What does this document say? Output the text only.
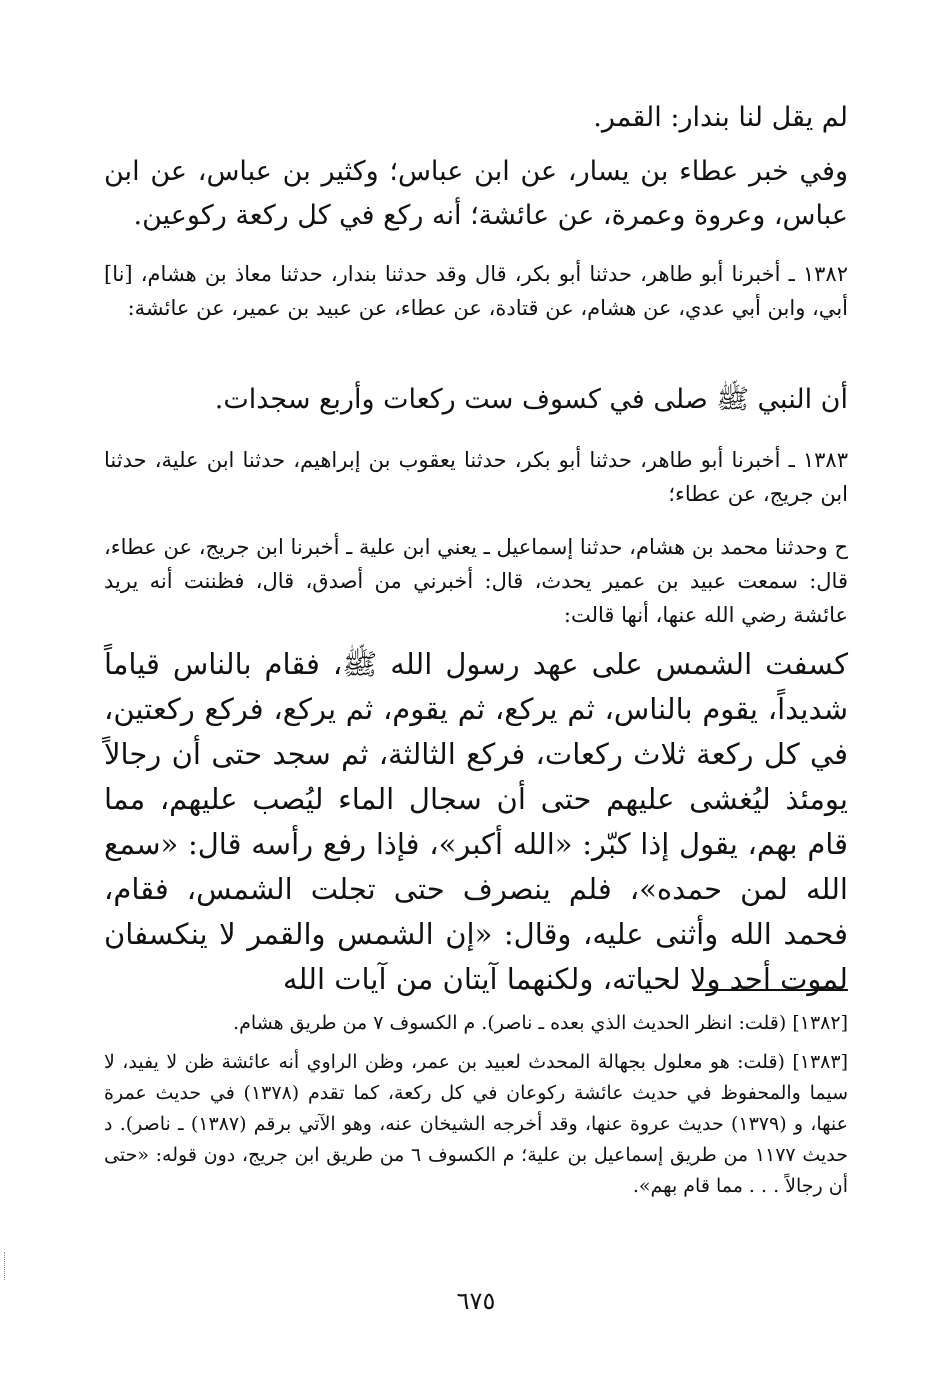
لم يقل لنا بندار: القمر.

وفي خبر عطاء بن يسار، عن ابن عباس؛ وكثير بن عباس، عن ابن عباس، وعروة وعمرة، عن عائشة؛ أنه ركع في كل ركعة ركوعين.

١٣٨٢ ـ أخبرنا أبو طاهر، حدثنا أبو بكر، قال وقد حدثنا بندار، حدثنا معاذ بن هشام، [نا] أبي، وابن أبي عدي، عن هشام، عن قتادة، عن عطاء، عن عبيد بن عمير، عن عائشة:

أن النبي ﷺ صلى في كسوف ست ركعات وأربع سجدات.

١٣٨٣ ـ أخبرنا أبو طاهر، حدثنا أبو بكر، حدثنا يعقوب بن إبراهيم، حدثنا ابن علية، حدثنا ابن جريج، عن عطاء؛

ح وحدثنا محمد بن هشام، حدثنا إسماعيل ـ يعني ابن علية ـ أخبرنا ابن جريج، عن عطاء، قال: سمعت عبيد بن عمير يحدث، قال: أخبرني من أصدق، قال، فظننت أنه يريد عائشة رضي الله عنها، أنها قالت:

كسفت الشمس على عهد رسول الله ﷺ، فقام بالناس قياماً شديداً، يقوم بالناس، ثم يركع، ثم يقوم، ثم يركع، فركع ركعتين، في كل ركعة ثلاث ركعات، فركع الثالثة، ثم سجد حتى أن رجالاً يومئذ ليُغشى عليهم حتى أن سجال الماء ليُصب عليهم، مما قام بهم، يقول إذا كبّر: «الله أكبر»، فإذا رفع رأسه قال: «سمع الله لمن حمده»، فلم ينصرف حتى تجلت الشمس، فقام، فحمد الله وأثنى عليه، وقال: «إن الشمس والقمر لا ينكسفان لموت أحد ولا لحياته، ولكنهما آيتان من آيات الله

[١٣٨٢] (قلت: انظر الحديث الذي بعده ـ ناصر). م الكسوف ٧ من طريق هشام.

[١٣٨٣] (قلت: هو معلول بجهالة المحدث لعبيد بن عمر، وظن الراوي أنه عائشة ظن لا يفيد، لا سيما والمحفوظ في حديث عائشة ركوعان في كل ركعة، كما تقدم (١٣٧٨) في حديث عمرة عنها، و (١٣٧٩) حديث عروة عنها، وقد أخرجه الشيخان عنه، وهو الآتي برقم (١٣٨٧) ـ ناصر). د حديث ١١٧٧ من طريق إسماعيل بن علية؛ م الكسوف ٦ من طريق ابن جريج، دون قوله: «حتى أن رجالاً . . . مما قام بهم».

٦٧٥
